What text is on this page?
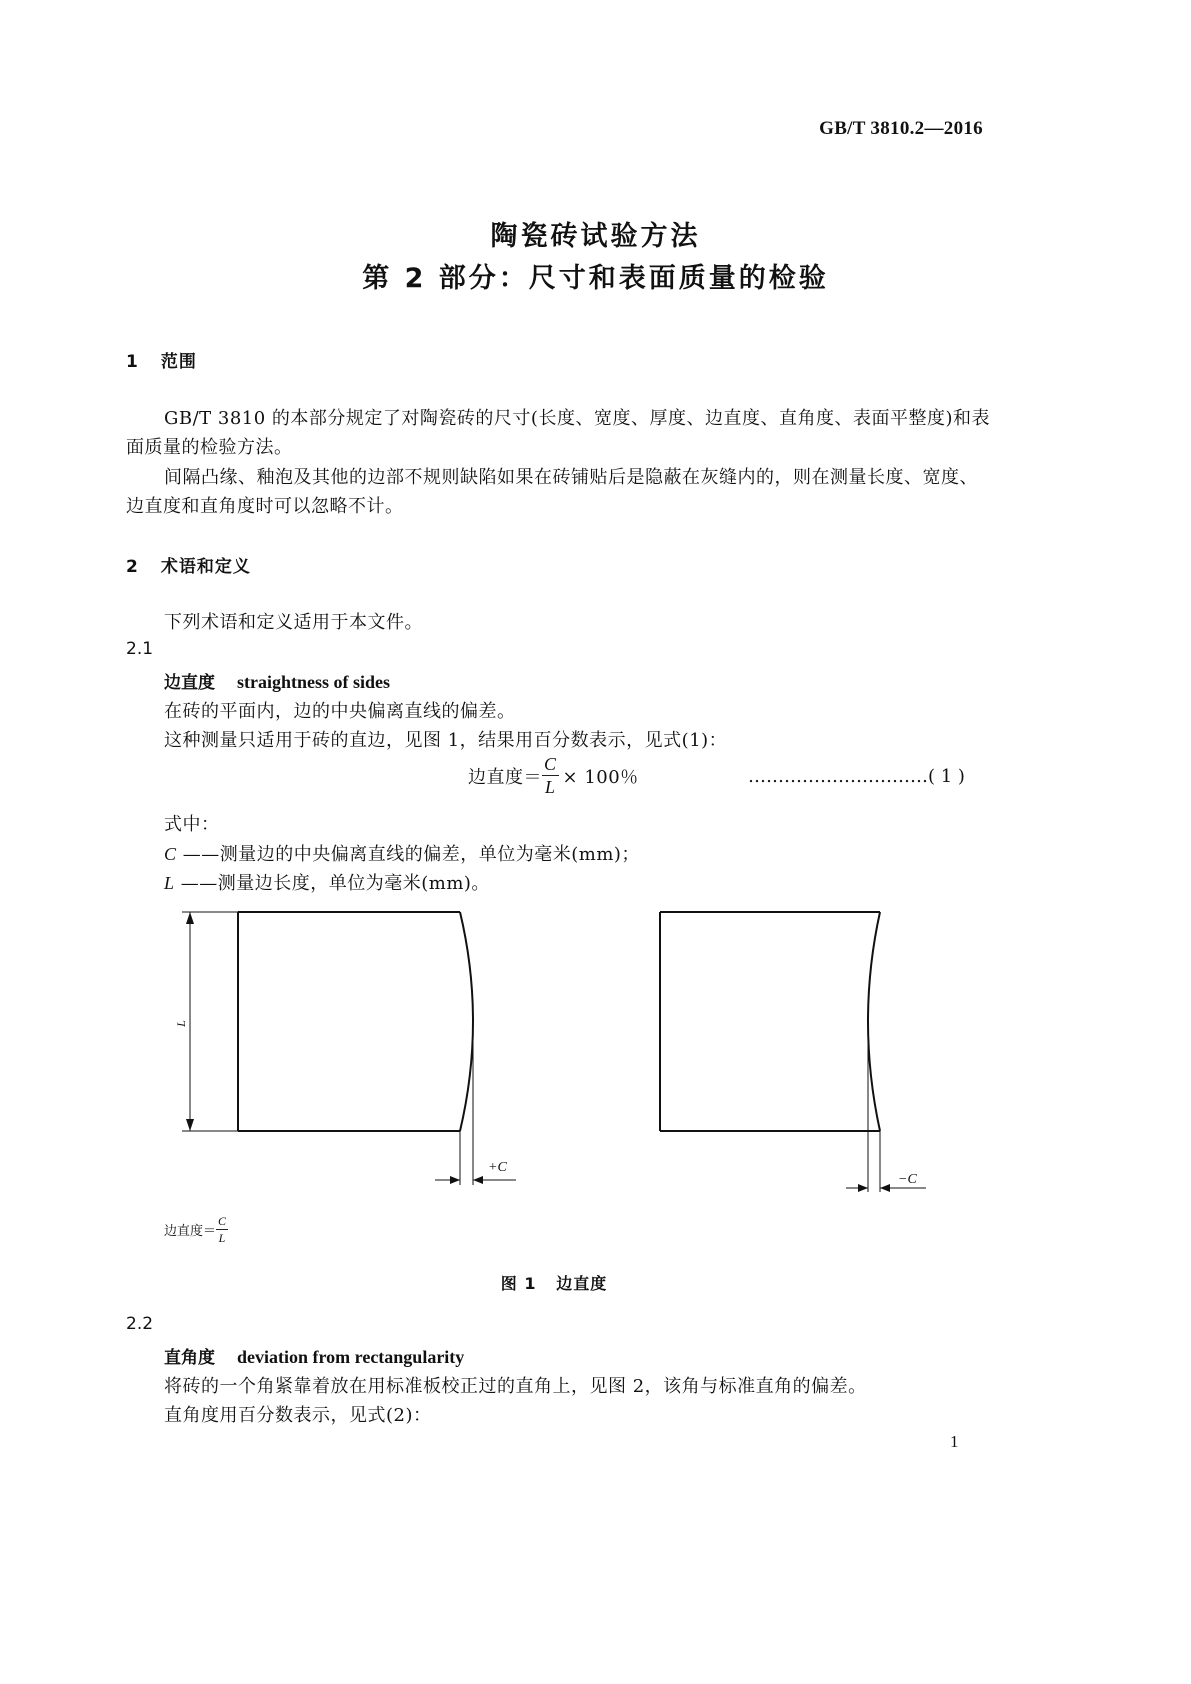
GB/T 3810.2—2016
陶瓷砖试验方法
第 2 部分：尺寸和表面质量的检验
1 范围
GB/T 3810 的本部分规定了对陶瓷砖的尺寸(长度、宽度、厚度、边直度、直角度、表面平整度)和表
面质量的检验方法。
间隔凸缘、釉泡及其他的边部不规则缺陷如果在砖铺贴后是隐蔽在灰缝内的，则在测量长度、宽度、
边直度和直角度时可以忽略不计。
2 术语和定义
下列术语和定义适用于本文件。
2.1
边直度 straightness of sides
在砖的平面内，边的中央偏离直线的偏差。
这种测量只适用于砖的直边，见图 1，结果用百分数表示，见式(1)：
边直度＝ $\frac{C}{L} \times 100$％	…………………………( 1 )
式中：
C ——测量边的中央偏离直线的偏差，单位为毫米(mm)；
L ——测量边长度，单位为毫米(mm)。
L
+C
−C
边直度＝ $\frac{C}{L}$
图 1   边直度
2.2
直角度 deviation from rectangularity
将砖的一个角紧靠着放在用标准板校正过的直角上，见图 2，该角与标准直角的偏差。
直角度用百分数表示，见式(2)：
1
